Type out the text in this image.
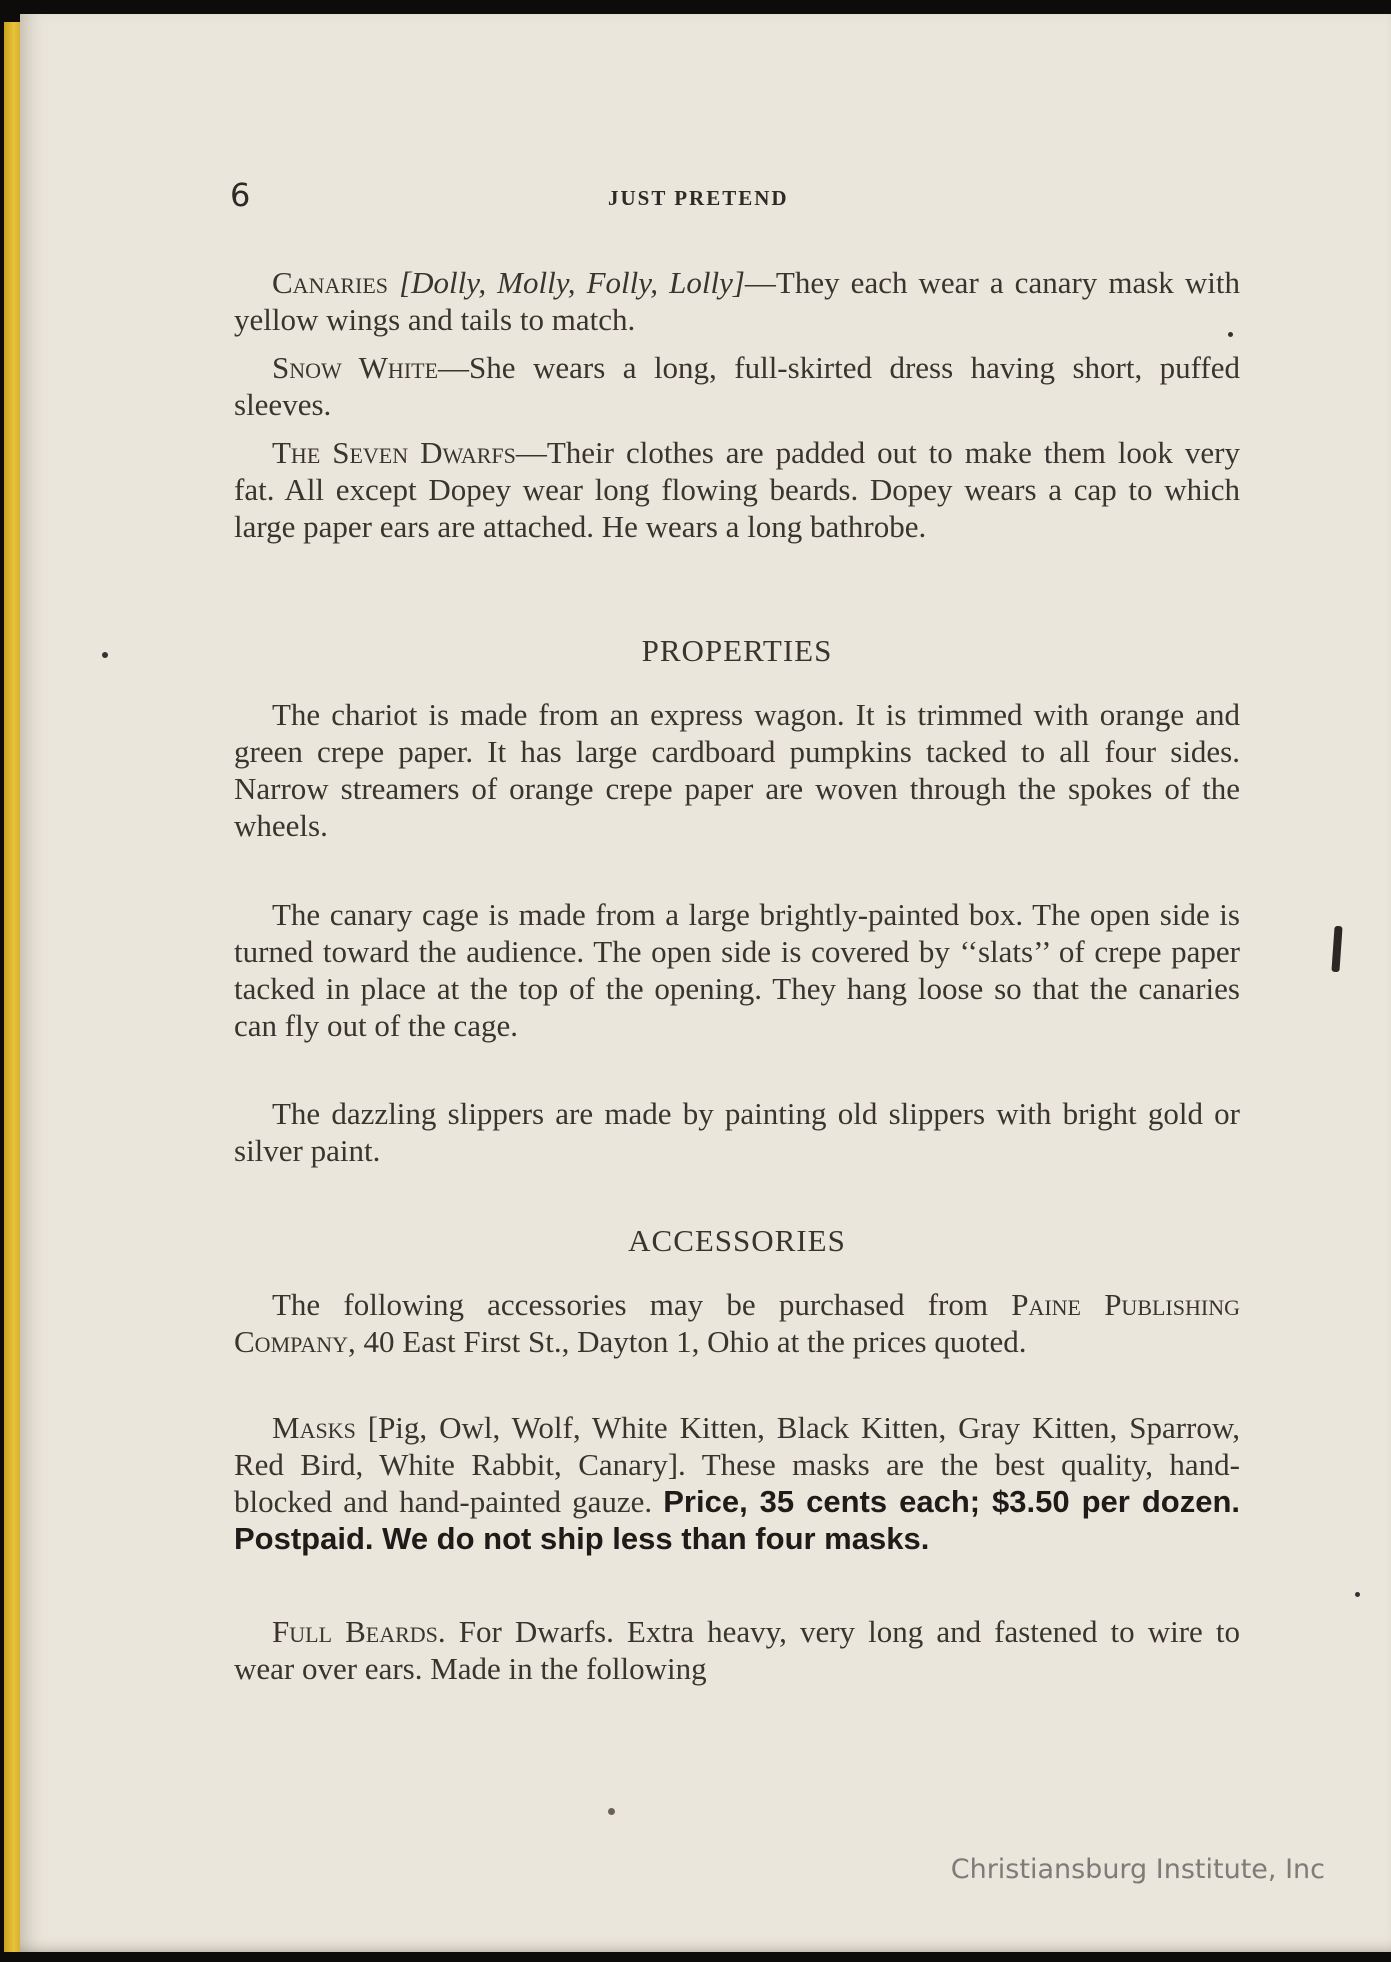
6	JUST PRETEND

Canaries [Dolly, Molly, Folly, Lolly]—They each wear a canary mask with yellow wings and tails to match.

Snow White—She wears a long, full-skirted dress having short, puffed sleeves.

The Seven Dwarfs—Their clothes are padded out to make them look very fat. All except Dopey wear long flowing beards. Dopey wears a cap to which large paper ears are attached. He wears a long bathrobe.

PROPERTIES

The chariot is made from an express wagon. It is trimmed with orange and green crepe paper. It has large cardboard pumpkins tacked to all four sides. Narrow streamers of orange crepe paper are woven through the spokes of the wheels.

The canary cage is made from a large brightly-painted box. The open side is turned toward the audience. The open side is covered by ‘‘slats’’ of crepe paper tacked in place at the top of the opening. They hang loose so that the canaries can fly out of the cage.

The dazzling slippers are made by painting old slippers with bright gold or silver paint.

ACCESSORIES

The following accessories may be purchased from Paine Publishing Company, 40 East First St., Dayton 1, Ohio at the prices quoted.

Masks [Pig, Owl, Wolf, White Kitten, Black Kitten, Gray Kitten, Sparrow, Red Bird, White Rabbit, Canary]. These masks are the best quality, hand-blocked and hand-painted gauze. Price, 35 cents each; $3.50 per dozen. Postpaid. We do not ship less than four masks.

Full Beards. For Dwarfs. Extra heavy, very long and fastened to wire to wear over ears. Made in the following

Christiansburg Institute, Inc
